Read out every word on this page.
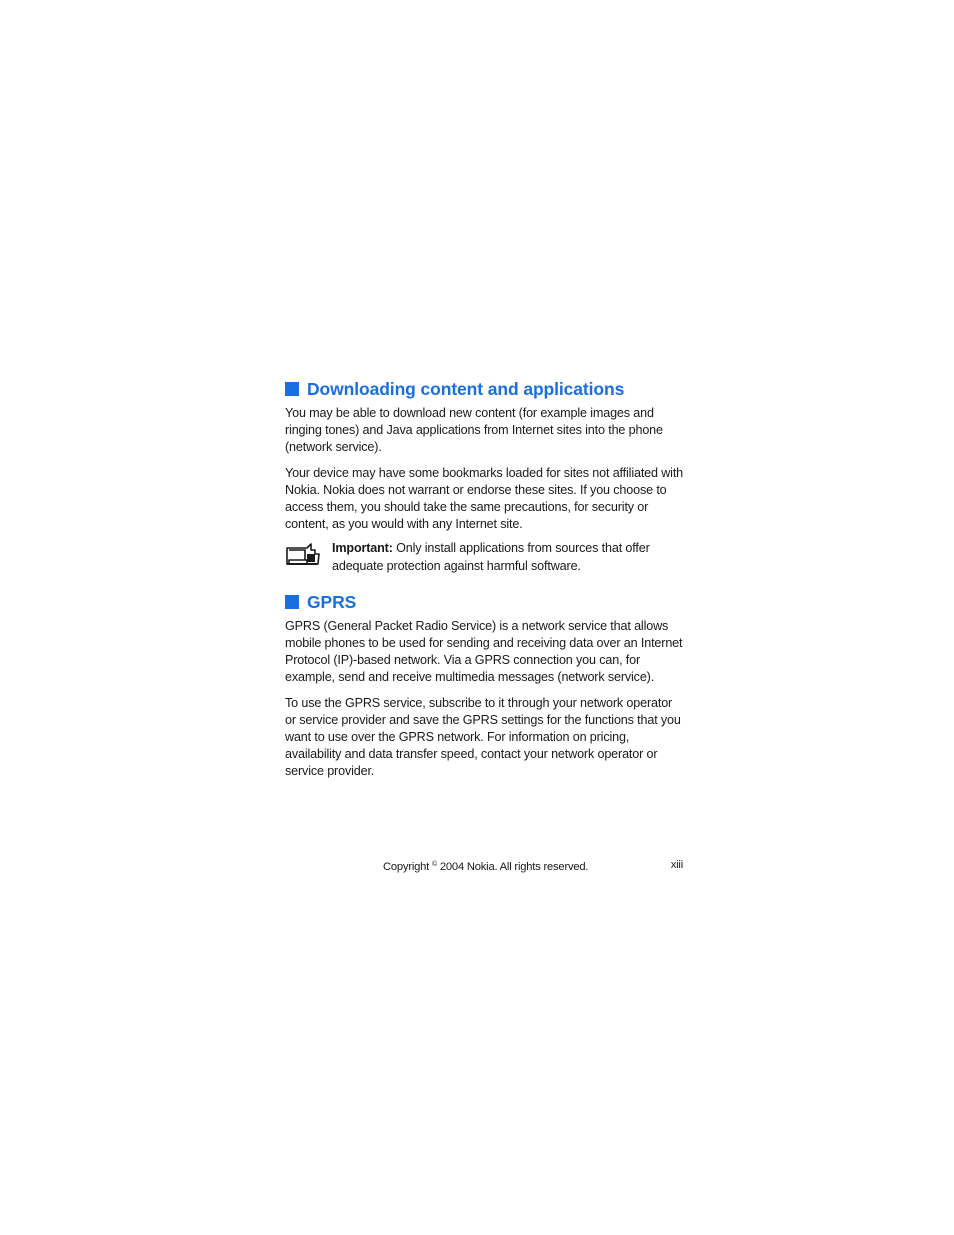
Downloading content and applications

You may be able to download new content (for example images and ringing tones) and Java applications from Internet sites into the phone (network service).

Your device may have some bookmarks loaded for sites not affiliated with Nokia. Nokia does not warrant or endorse these sites. If you choose to access them, you should take the same precautions, for security or content, as you would with any Internet site.

Important: Only install applications from sources that offer adequate protection against harmful software.

GPRS

GPRS (General Packet Radio Service) is a network service that allows mobile phones to be used for sending and receiving data over an Internet Protocol (IP)-based network. Via a GPRS connection you can, for example, send and receive multimedia messages (network service).

To use the GPRS service, subscribe to it through your network operator or service provider and save the GPRS settings for the functions that you want to use over the GPRS network. For information on pricing, availability and data transfer speed, contact your network operator or service provider.

Copyright © 2004 Nokia. All rights reserved.	xiii
